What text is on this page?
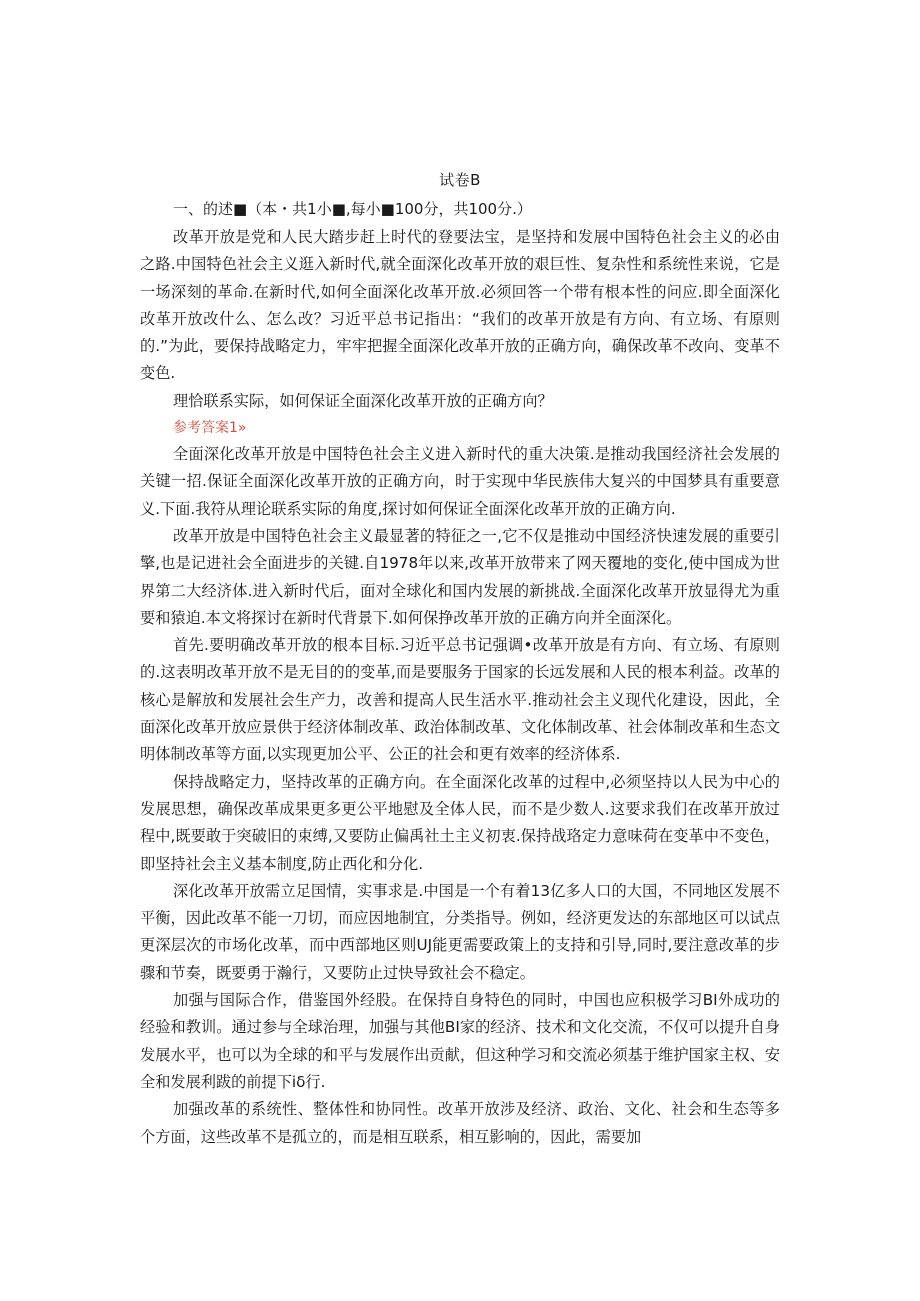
试卷B

一、的述■（本・共1小■,每小■100分，共100分.）

改革开放是党和人民大踏步赶上时代的登要法宝，是坚持和发展中国特色社会主义的必由之路.中国特色社会主义逛入新时代,就全面深化改革开放的艰巨性、复杂性和系统性来说，它是一场深刻的革命.在新时代,如何全面深化改革开放.必须回答一个带有根本性的问应.即全面深化改革开放改什么、怎么改？习近平总书记指出：“我们的改革开放是有方向、有立场、有原则的.”为此，要保持战略定力，牢牢把握全面深化改革开放的正确方向，确保改革不改向、变革不变色.

理恰联系实际，如何保证全面深化改革开放的正确方向？

参考答案1»

全面深化改革开放是中国特色社会主义进入新时代的重大决策.是推动我国经济社会发展的关键一招.保证全面深化改革开放的正确方向，时于实现中华民族伟大复兴的中国梦具有重要意义.下面.我符从理论联系实际的角度,探讨如何保证全面深化改革开放的正确方向.

改革开放是中国特色社会主义最显著的特征之一,它不仅是推动中国经济快速发展的重要引擎,也是记进社会全面进步的关键.自1978年以来,改革开放带来了网天覆地的变化,使中国成为世界第二大经济体.进入新时代后，面对全球化和国内发展的新挑战.全面深化改革开放显得尤为重要和猿迫.本文将探讨在新时代背景下.如何保挣改革开放的正确方向并全面深化。

首先.要明确改革开放的根本目标.习近平总书记强调•改革开放是有方向、有立场、有原则的.这表明改革开放不是无目的的变革,而是要服务于国家的长远发展和人民的根本利益。改革的核心是解放和发展社会生产力，改善和提高人民生活水平.推动社会主义现代化建设，因此，全面深化改革开放应景供于经济体制改革、政治体制改革、文化体制改革、社会体制改革和生态文明体制改革等方面,以实现更加公平、公正的社会和更有效率的经济体系.

保持战略定力，坚持改革的正确方向。在全面深化改革的过程中,必须坚持以人民为中心的发展思想，确保改革成果更多更公平地慰及全体人民，而不是少数人.这要求我们在改革开放过程中,既要敢于突破旧的束缚,又要防止偏禹社土主义初衷.保持战珞定力意味荷在变革中不变色，即坚持社会主义基本制度,防止西化和分化.

深化改革开放需立足国情，实事求是.中国是一个有着13亿多人口的大国，不同地区发展不平衡，因此改革不能一刀切，而应因地制宜，分类指导。例如，经济更发达的东部地区可以试点更深层次的市场化改革，而中西部地区则UJ能更需要政策上的支持和引导,同时,要注意改革的步骤和节奏，既要勇于瀚行，又要防止过快导致社会不稳定。

加强与国际合作，借鉴国外经股。在保持自身特色的同时，中国也应积极学习BI外成功的经验和教训。通过参与全球治理，加强与其他BI家的经济、技术和文化交流，不仅可以提升自身发展水平，也可以为全球的和平与发展作出贡献，但这种学习和交流必须基于维护国家主权、安全和发展利跋的前提下iδ行.

加强改革的系统性、整体性和协同性。改革开放涉及经济、政治、文化、社会和生态等多个方面，这些改革不是孤立的，而是相互联系，相互影响的，因此，需要加
